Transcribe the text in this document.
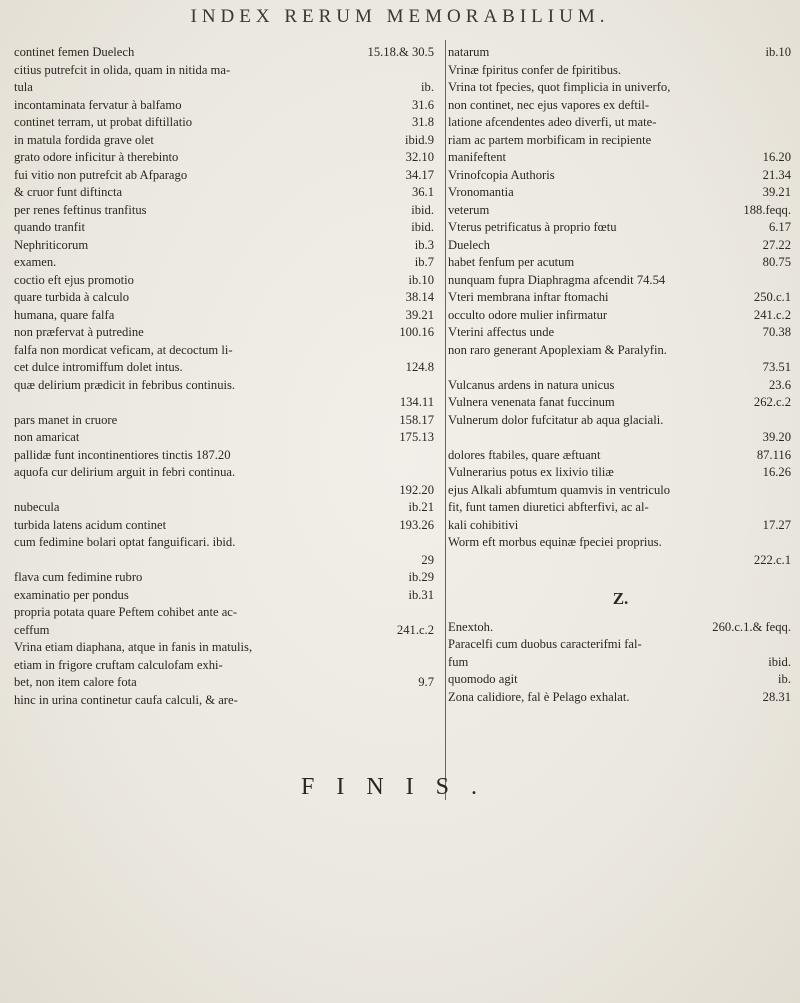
INDEX RERUM MEMORABILIUM.
continet femen Duelech	15.18.& 30.5
citius putrefcit in olida, quam in nitida ma-
tula	ib.
incontaminata fervatur à balfamo	31.6
continet terram, ut probat diftillatio	31.8
in matula fordida grave olet	ibid.9
grato odore inficitur à therebinto	32.10
fui vitio non putrefcit ab Afparago	34.17
& cruor funt diftincta	36.1
per renes feftinus tranfitus	ibid.
quando tranfit	ibid.
Nephriticorum	ib.3
examen.	ib.7
coctio eft ejus promotio	ib.10
quare turbida à calculo	38.14
humana, quare falfa	39.21
non præfervat à putredine	100.16
falfa non mordicat veficam, at decoctum li-
cet dulce intromiffum dolet intus.	124.8
quæ delirium prædicit in febribus continuis.
134.11
pars manet in cruore	158.17
non amaricat	175.13
pallidæ funt incontinentiores tinctis 187.20
aquofa cur delirium arguit in febri continua.
192.20
nubecula	ib.21
turbida latens acidum continet	193.26
cum fedimine bolari optat fanguificari. ibid.
29
flava cum fedimine rubro	ib.29
examinatio per pondus	ib.31
propria potata quare Peftem cohibet ante ac-
ceffum	241.c.2
Vrina etiam diaphana, atque in fanis in matulis,
etiam in frigore cruftam calculofam exhi-
bet, non item calore fota	9.7
hinc in urina continetur caufa calculi, & are-
natarum	ib.10
Vrinæ fpiritus confer de fpiritibus.
Vrina tot fpecies, quot fimplicia in univerfo,
non continet, nec ejus vapores ex deftil-
latione afcendentes adeo diverfi, ut mate-
riam ac partem morbificam in recipiente
manifeftent	16.20
Vrinofcopia Authoris	21.34
Vronomantia	39.21
veterum	188.feqq.
Vterus petrificatus à proprio fœtu	6.17
Duelech	27.22
habet fenfum per acutum	80.75
nunquam fupra Diaphragma afcendit 74.54
Vteri membrana inftar ftomachi	250.c.1
occulto odore mulier infirmatur	241.c.2
Vterini affectus unde	70.38
non raro generant Apoplexiam & Paralyfin.
73.51
Vulcanus ardens in natura unicus	23.6
Vulnera venenata fanat fuccinum	262.c.2
Vulnerum dolor fufcitatur ab aqua glaciali.
39.20
dolores ftabiles, quare æftuant	87.116
Vulnerarius potus ex lixivio tiliæ	16.26
ejus Alkali abfumtum quamvis in ventriculo
fit, funt tamen diuretici abfterfivi, ac al-
kali cohibitivi	17.27
Worm eft morbus equinæ fpeciei proprius.
222.c.1
Z.
Enextoh.	260.c.1.& feqq.
Paracelfi cum duobus caracterifmi fal-
fum	ibid.
quomodo agit	ib.
Zona calidiore, fal è Pelago exhalat.	28.31
FINIS.
